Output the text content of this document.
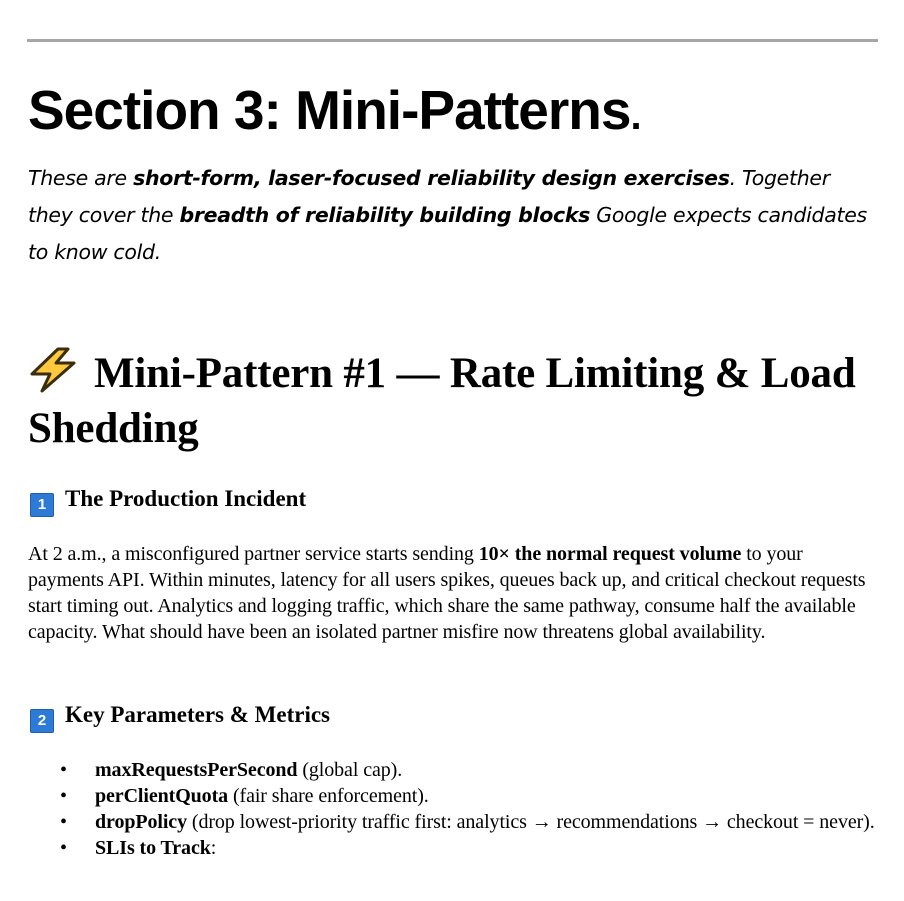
Section 3: Mini-Patterns.

These are short-form, laser-focused reliability design exercises. Together they cover the breadth of reliability building blocks Google expects candidates to know cold.

Mini-Pattern #1 — Rate Limiting & Load Shedding
1 The Production Incident

At 2 a.m., a misconfigured partner service starts sending 10× the normal request volume to your payments API. Within minutes, latency for all users spikes, queues back up, and critical checkout requests start timing out. Analytics and logging traffic, which share the same pathway, consume half the available capacity. What should have been an isolated partner misfire now threatens global availability.

2 Key Parameters & Metrics
• maxRequestsPerSecond (global cap).
• perClientQuota (fair share enforcement).
• dropPolicy (drop lowest-priority traffic first: analytics → recommendations → checkout = never).
• SLIs to Track:
